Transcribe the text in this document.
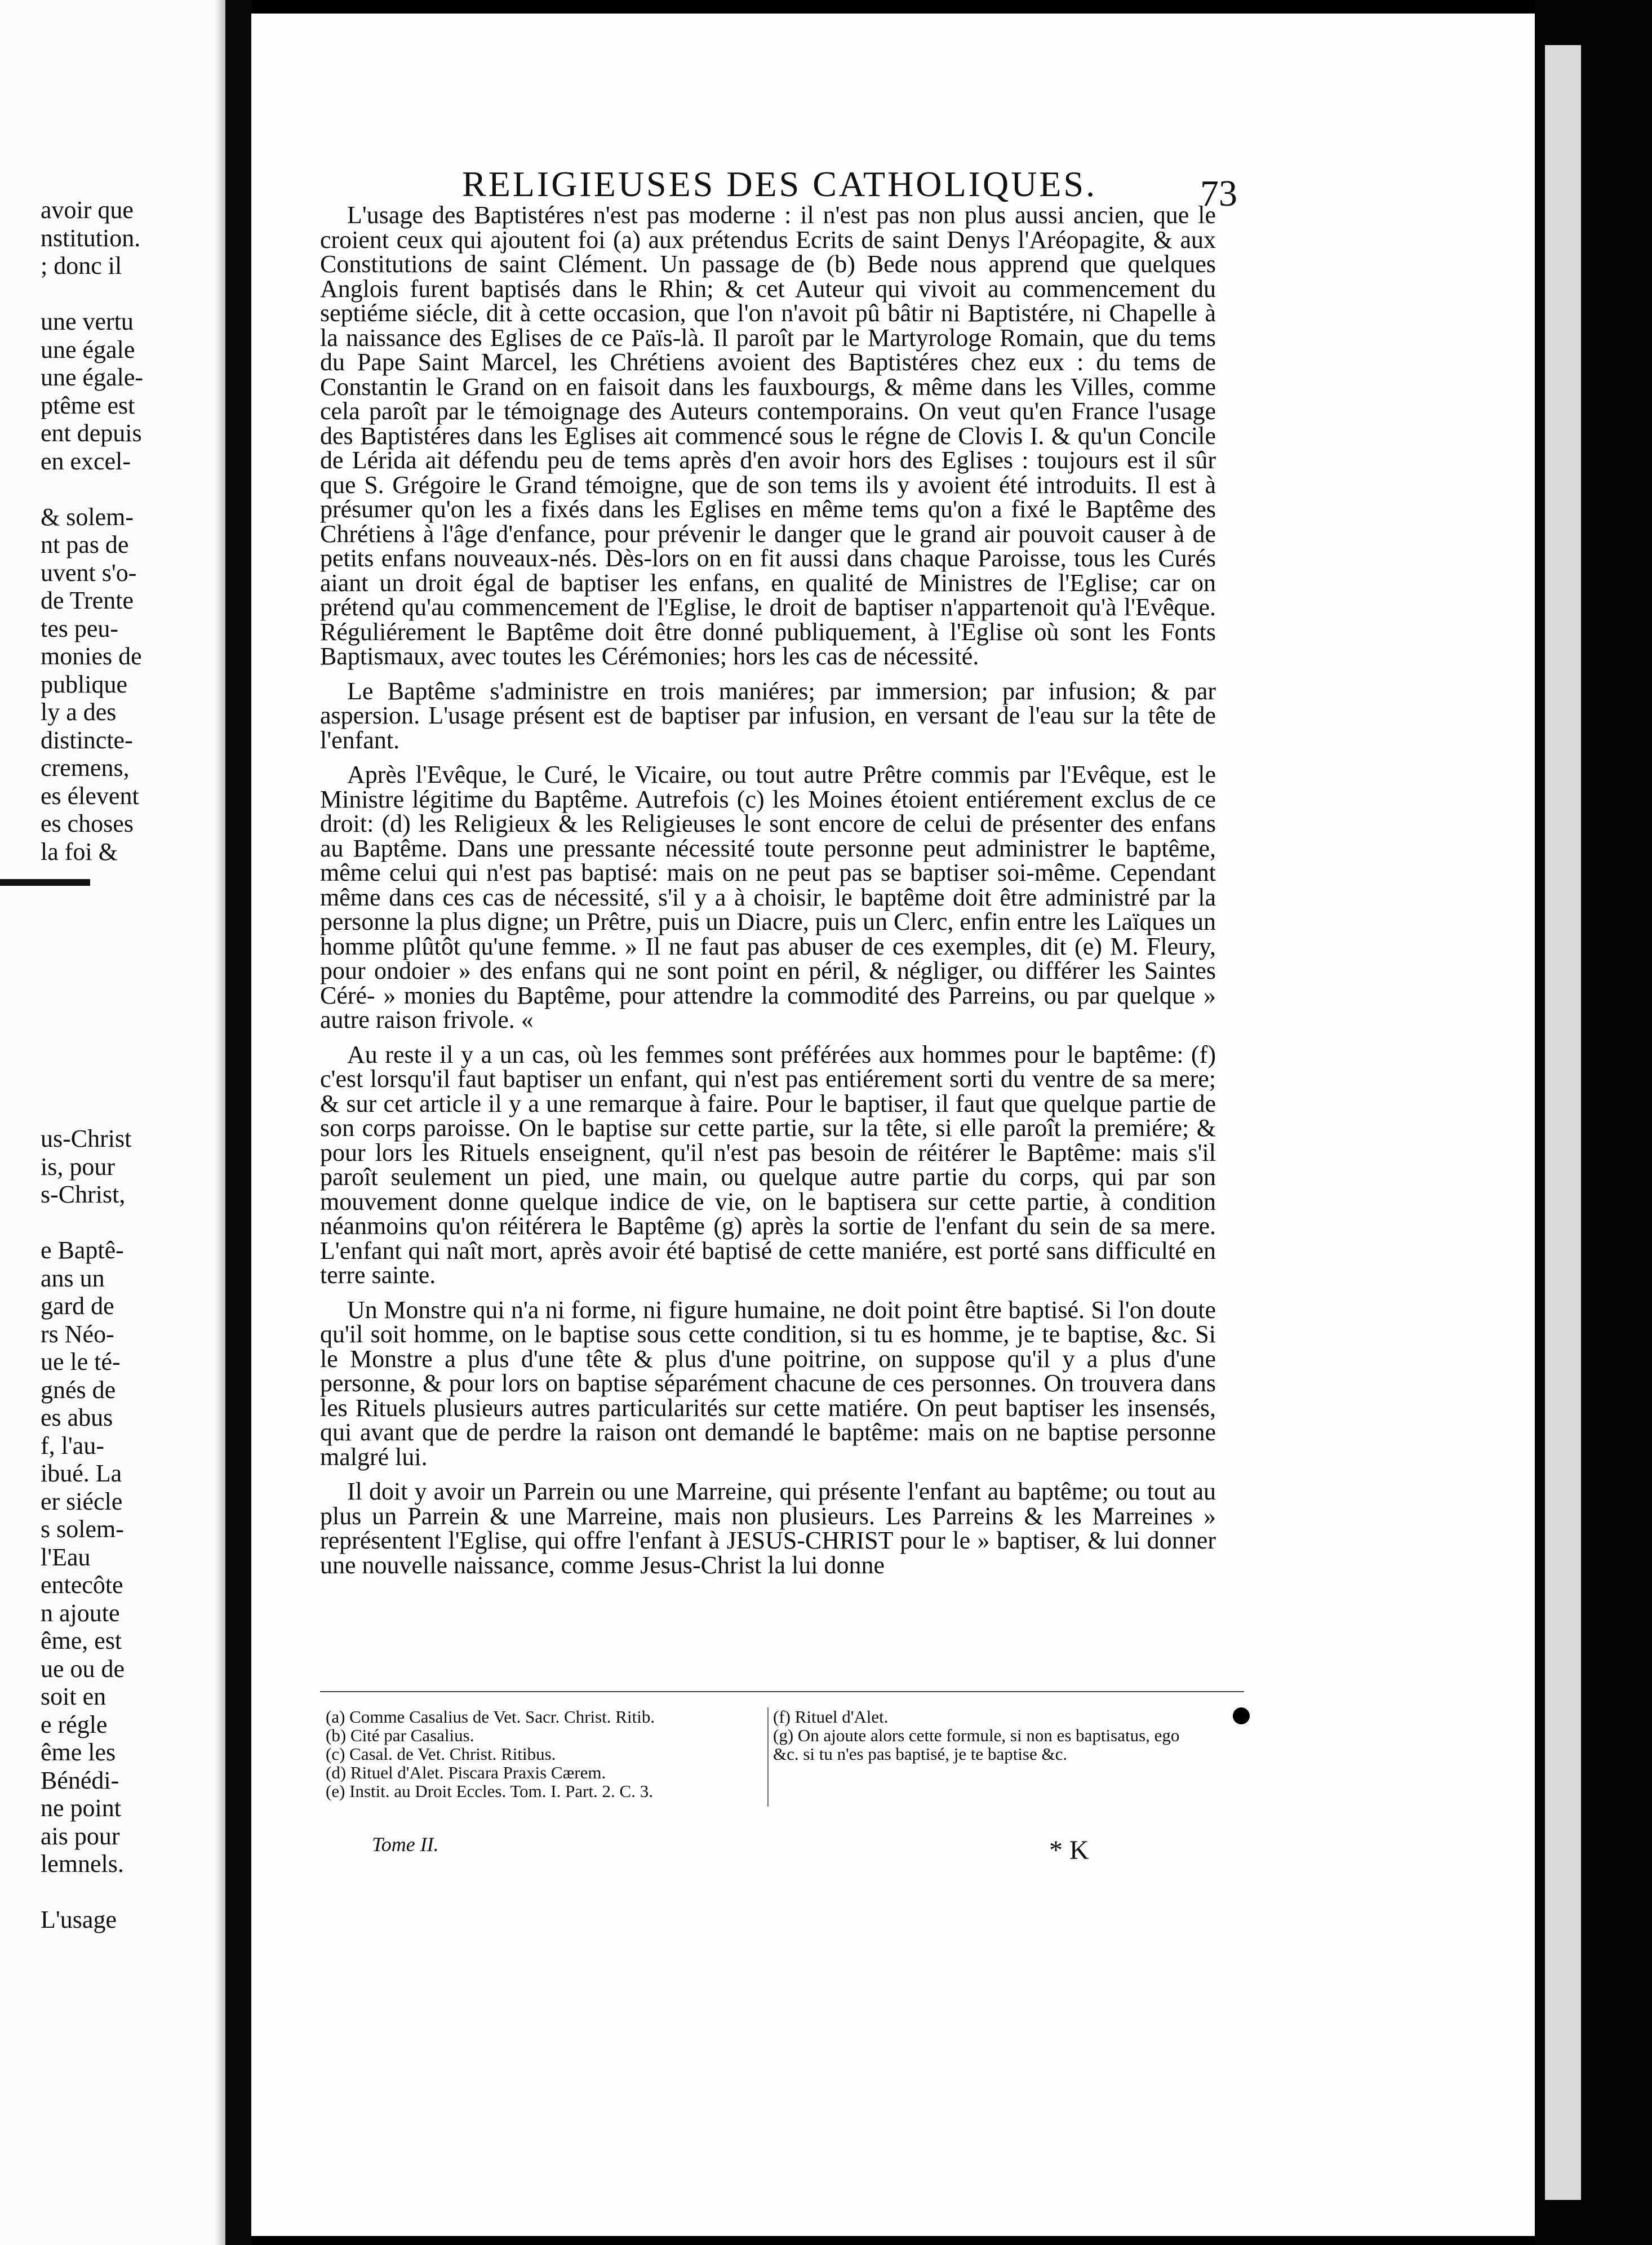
avoir que
nstitution.
; donc il
une vertu
une égale
une égale-
ptême est
ent depuis
en excel-
& solem-
nt pas de
uvent s'o-
de Trente
tes peu-
monies de
publique
ly a des
distincte-
cremens,
es élevent
es choses
la foi &
us-Christ
is, pour
s-Christ,
e Baptê-
ans un
gard de
rs Néo-
ue le té-
gnés de
es abus
f, l'au-
ibué. La
er siécle
s solem-
l'Eau
entecôte
n ajoute
ême, est
ue ou de
soit en
e régle
ême les
Bénédi-
ne point
ais pour
lemnels.
L'usage
RELIGIEUSES DES CATHOLIQUES.	73

L'usage des Baptistéres n'est pas moderne : il n'est pas non plus aussi ancien, que le croient ceux qui ajoutent foi (a) aux prétendus Ecrits de saint Denys l'Aréopagite, & aux Constitutions de saint Clément. Un passage de (b) Bede nous apprend que quelques Anglois furent baptisés dans le Rhin; & cet Auteur qui vivoit au commencement du septiéme siécle, dit à cette occasion, que l'on n'avoit pû bâtir ni Baptistére, ni Chapelle à la naissance des Eglises de ce Païs-là. Il paroît par le Martyrologe Romain, que du tems du Pape Saint Marcel, les Chrétiens avoient des Baptistéres chez eux : du tems de Constantin le Grand on en faisoit dans les fauxbourgs, & même dans les Villes, comme cela paroît par le témoignage des Auteurs contemporains. On veut qu'en France l'usage des Baptistéres dans les Eglises ait commencé sous le régne de Clovis I. & qu'un Concile de Lérida ait défendu peu de tems après d'en avoir hors des Eglises : toujours est il sûr que S. Grégoire le Grand témoigne, que de son tems ils y avoient été introduits. Il est à présumer qu'on les a fixés dans les Eglises en même tems qu'on a fixé le Baptême des Chrétiens à l'âge d'enfance, pour prévenir le danger que le grand air pouvoit causer à de petits enfans nouveaux-nés. Dès-lors on en fit aussi dans chaque Paroisse, tous les Curés aiant un droit égal de baptiser les enfans, en qualité de Ministres de l'Eglise; car on prétend qu'au commencement de l'Eglise, le droit de baptiser n'appartenoit qu'à l'Evêque. Réguliérement le Baptême doit être donné publiquement, à l'Eglise où sont les Fonts Baptismaux, avec toutes les Cérémonies; hors les cas de nécessité.

Le Baptême s'administre en trois maniéres; par immersion; par infusion; & par aspersion. L'usage présent est de baptiser par infusion, en versant de l'eau sur la tête de l'enfant.

Après l'Evêque, le Curé, le Vicaire, ou tout autre Prêtre commis par l'Evêque, est le Ministre légitime du Baptême. Autrefois (c) les Moines étoient entiérement exclus de ce droit: (d) les Religieux & les Religieuses le sont encore de celui de présenter des enfans au Baptême. Dans une pressante nécessité toute personne peut administrer le baptême, même celui qui n'est pas baptisé: mais on ne peut pas se baptiser soi-même. Cependant même dans ces cas de nécessité, s'il y a à choisir, le baptême doit être administré par la personne la plus digne; un Prêtre, puis un Diacre, puis un Clerc, enfin entre les Laïques un homme plûtôt qu'une femme. » Il ne faut pas abuser de ces exemples, dit (e) M. Fleury, pour ondoier » des enfans qui ne sont point en péril, & négliger, ou différer les Saintes Céré- » monies du Baptême, pour attendre la commodité des Parreins, ou par quelque » autre raison frivole. «

Au reste il y a un cas, où les femmes sont préférées aux hommes pour le baptême: (f) c'est lorsqu'il faut baptiser un enfant, qui n'est pas entiérement sorti du ventre de sa mere; & sur cet article il y a une remarque à faire. Pour le baptiser, il faut que quelque partie de son corps paroisse. On le baptise sur cette partie, sur la tête, si elle paroît la premiére; & pour lors les Rituels enseignent, qu'il n'est pas besoin de réitérer le Baptême: mais s'il paroît seulement un pied, une main, ou quelque autre partie du corps, qui par son mouvement donne quelque indice de vie, on le baptisera sur cette partie, à condition néanmoins qu'on réitérera le Baptême (g) après la sortie de l'enfant du sein de sa mere. L'enfant qui naît mort, après avoir été baptisé de cette maniére, est porté sans difficulté en terre sainte.

Un Monstre qui n'a ni forme, ni figure humaine, ne doit point être baptisé. Si l'on doute qu'il soit homme, on le baptise sous cette condition, si tu es homme, je te baptise, &c. Si le Monstre a plus d'une tête & plus d'une poitrine, on suppose qu'il y a plus d'une personne, & pour lors on baptise séparément chacune de ces personnes. On trouvera dans les Rituels plusieurs autres particularités sur cette matiére. On peut baptiser les insensés, qui avant que de perdre la raison ont demandé le baptême: mais on ne baptise personne malgré lui.

Il doit y avoir un Parrein ou une Marreine, qui présente l'enfant au baptême; ou tout au plus un Parrein & une Marreine, mais non plusieurs. Les Parreins & les Marreines » représentent l'Eglise, qui offre l'enfant à JESUS-CHRIST pour le » baptiser, & lui donner une nouvelle naissance, comme Jesus-Christ la lui donne

(a) Comme Casalius de Vet. Sacr. Christ. Ritib.
(b) Cité par Casalius.
(c) Casal. de Vet. Christ. Ritibus.
(d) Rituel d'Alet. Piscara Praxis Cærem.
(e) Instit. au Droit Eccles. Tom. I. Part. 2. C. 3.
(f) Rituel d'Alet.
(g) On ajoute alors cette formule, si non es baptisatus, ego &c. si tu n'es pas baptisé, je te baptise &c.
Tome II.	* K
